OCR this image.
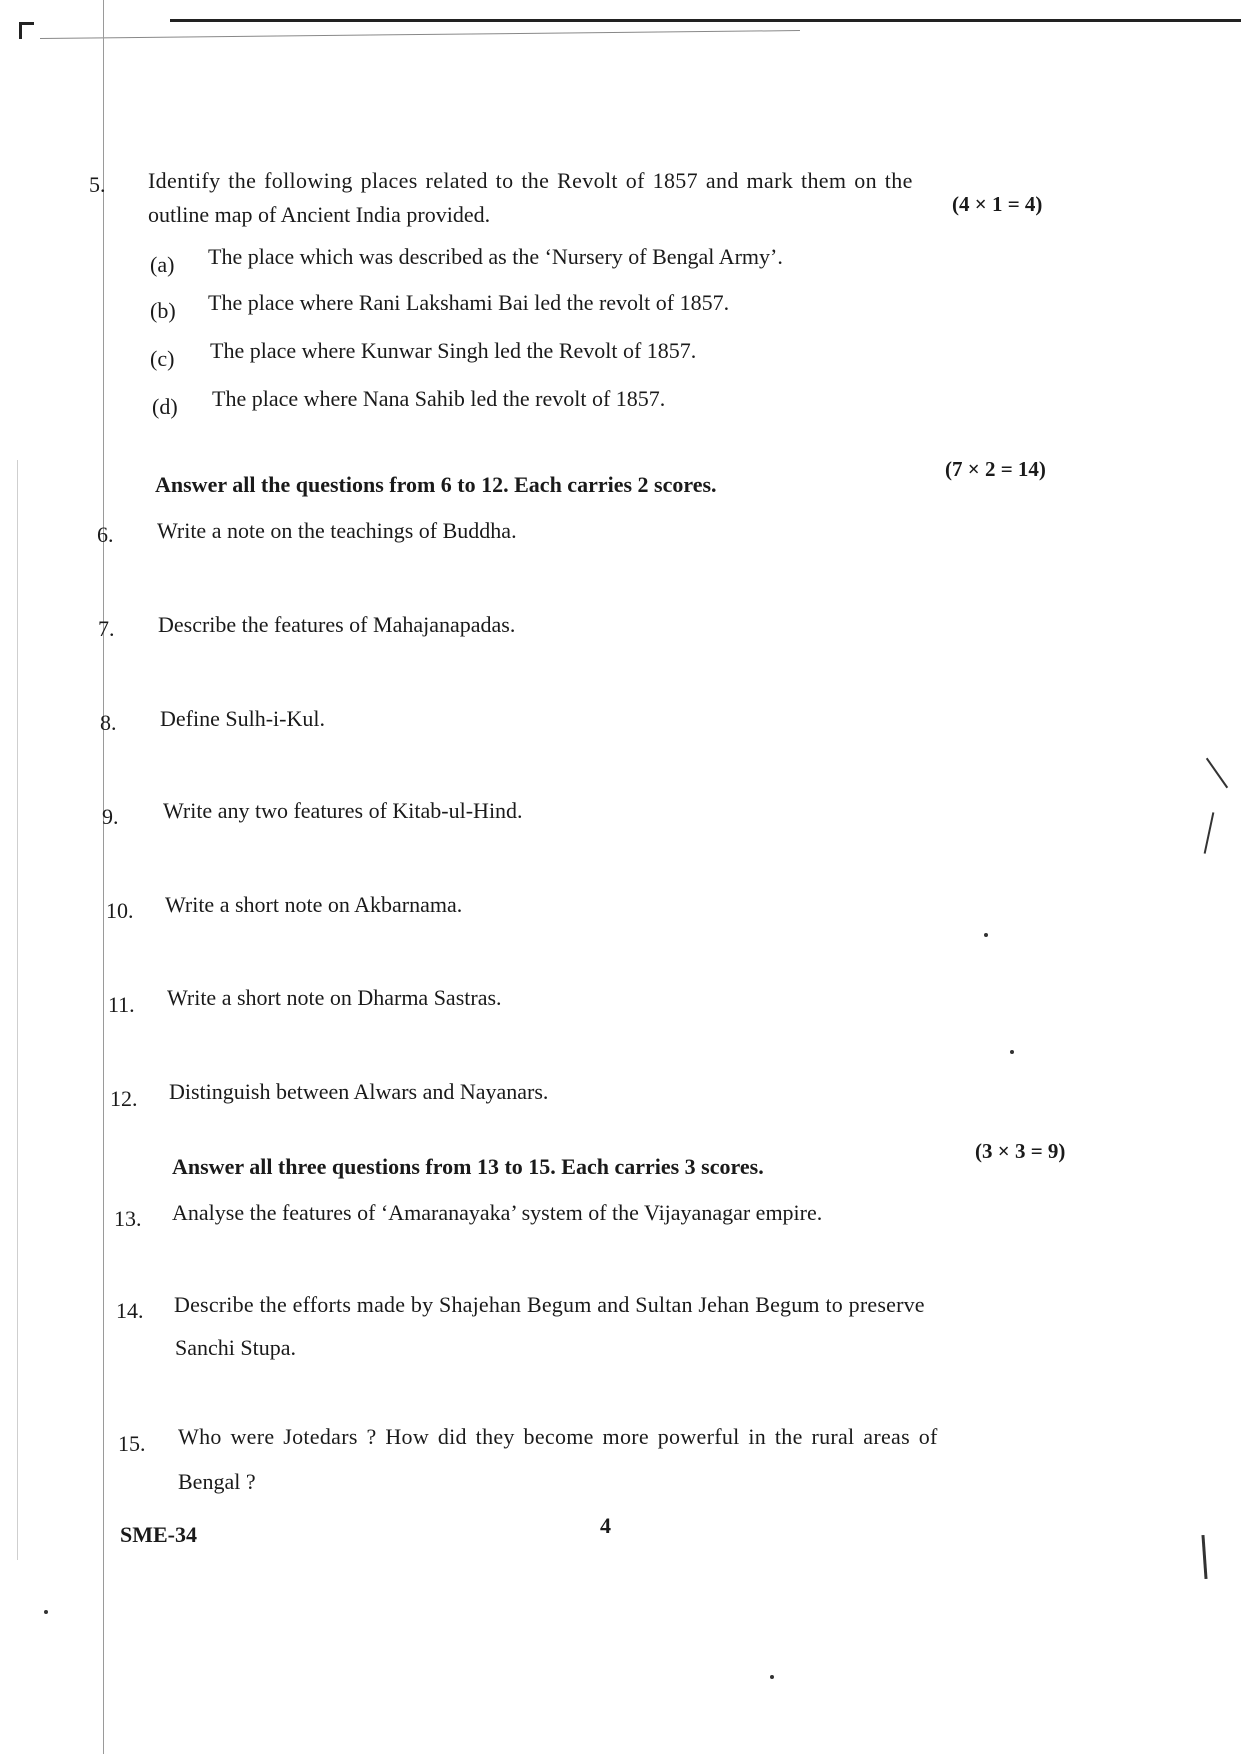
5. Identify the following places related to the Revolt of 1857 and mark them on the
outline map of Ancient India provided.	(4 × 1 = 4)
(a) The place which was described as the ‘Nursery of Bengal Army’.
(b) The place where Rani Lakshami Bai led the revolt of 1857.
(c) The place where Kunwar Singh led the Revolt of 1857.
(d) The place where Nana Sahib led the revolt of 1857.
Answer all the questions from 6 to 12. Each carries 2 scores.
(7 × 2 = 14)
6. Write a note on the teachings of Buddha.
7. Describe the features of Mahajanapadas.
8. Define Sulh-i-Kul.
9. Write any two features of Kitab-ul-Hind.
10. Write a short note on Akbarnama.
11. Write a short note on Dharma Sastras.
12. Distinguish between Alwars and Nayanars.
Answer all three questions from 13 to 15. Each carries 3 scores.
(3 × 3 = 9)
13. Analyse the features of ‘Amaranayaka’ system of the Vijayanagar empire.
14. Describe the efforts made by Shajehan Begum and Sultan Jehan Begum to preserve
Sanchi Stupa.
15. Who were Jotedars ? How did they become more powerful in the rural areas of
Bengal ?
SME-34	4
